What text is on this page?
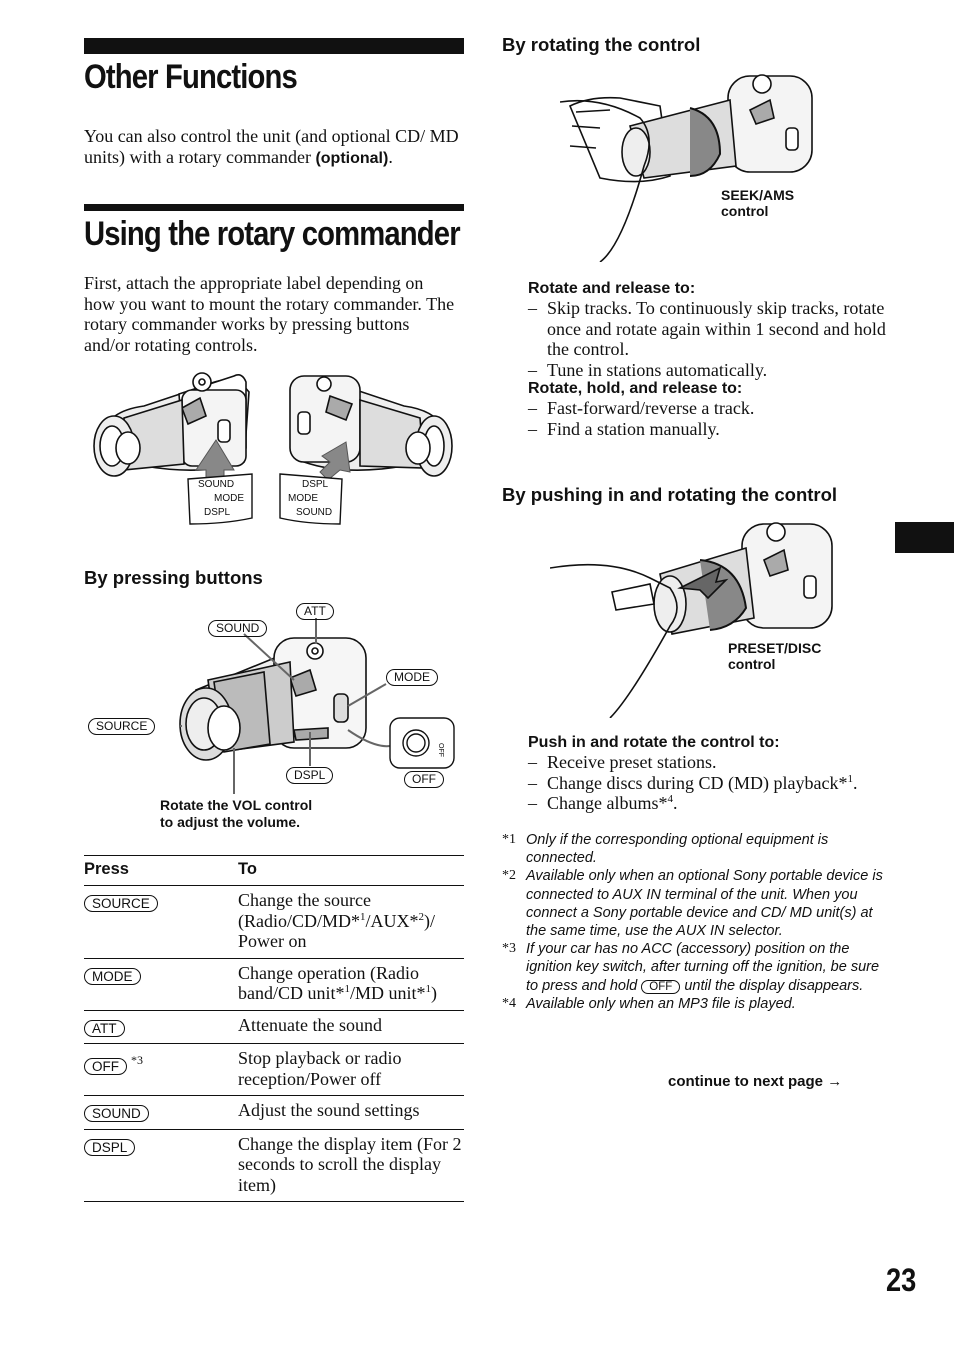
Other Functions
You can also control the unit (and optional CD/ MD units) with a rotary commander (optional).
Using the rotary commander
First, attach the appropriate label depending on how you want to mount the rotary commander. The rotary commander works by pressing buttons and/or rotating controls.
SOUND
MODE
DSPL
DSPL
MODE
SOUND
By pressing buttons
OFF
ATT
SOUND
MODE
SOURCE
DSPL	OFF
Rotate the VOL control
to adjust the volume.
Press	To
SOURCE	Change the source (Radio/CD/MD*$^1$/AUX*$^2$)/ Power on
MODE	Change operation (Radio band/CD unit*$^1$/MD unit*$^1$)
ATT	Attenuate the sound
OFF $^{*3}$	Stop playback or radio reception/Power off
SOUND	Adjust the sound settings
DSPL	Change the display item (For 2 seconds to scroll the display item)
By rotating the control
SEEK/AMS
control
Rotate and release to:
– Skip tracks. To continuously skip tracks, rotate once and rotate again within 1 second and hold the control.
– Tune in stations automatically.
Rotate, hold, and release to:
– Fast-forward/reverse a track.
– Find a station manually.
By pushing in and rotating the control
PRESET/DISC
control
Push in and rotate the control to:
– Receive preset stations.
– Change discs during CD (MD) playback*$^1$.
– Change albums*$^4$.
*1 Only if the corresponding optional equipment is connected.
*2 Available only when an optional Sony portable device is connected to AUX IN terminal of the unit. When you connect a Sony portable device and CD/ MD unit(s) at the same time, use the AUX IN selector.
*3 If your car has no ACC (accessory) position on the ignition key switch, after turning off the ignition, be sure to press and hold OFF until the display disappears.
*4 Available only when an MP3 file is played.
continue to next page →
23
